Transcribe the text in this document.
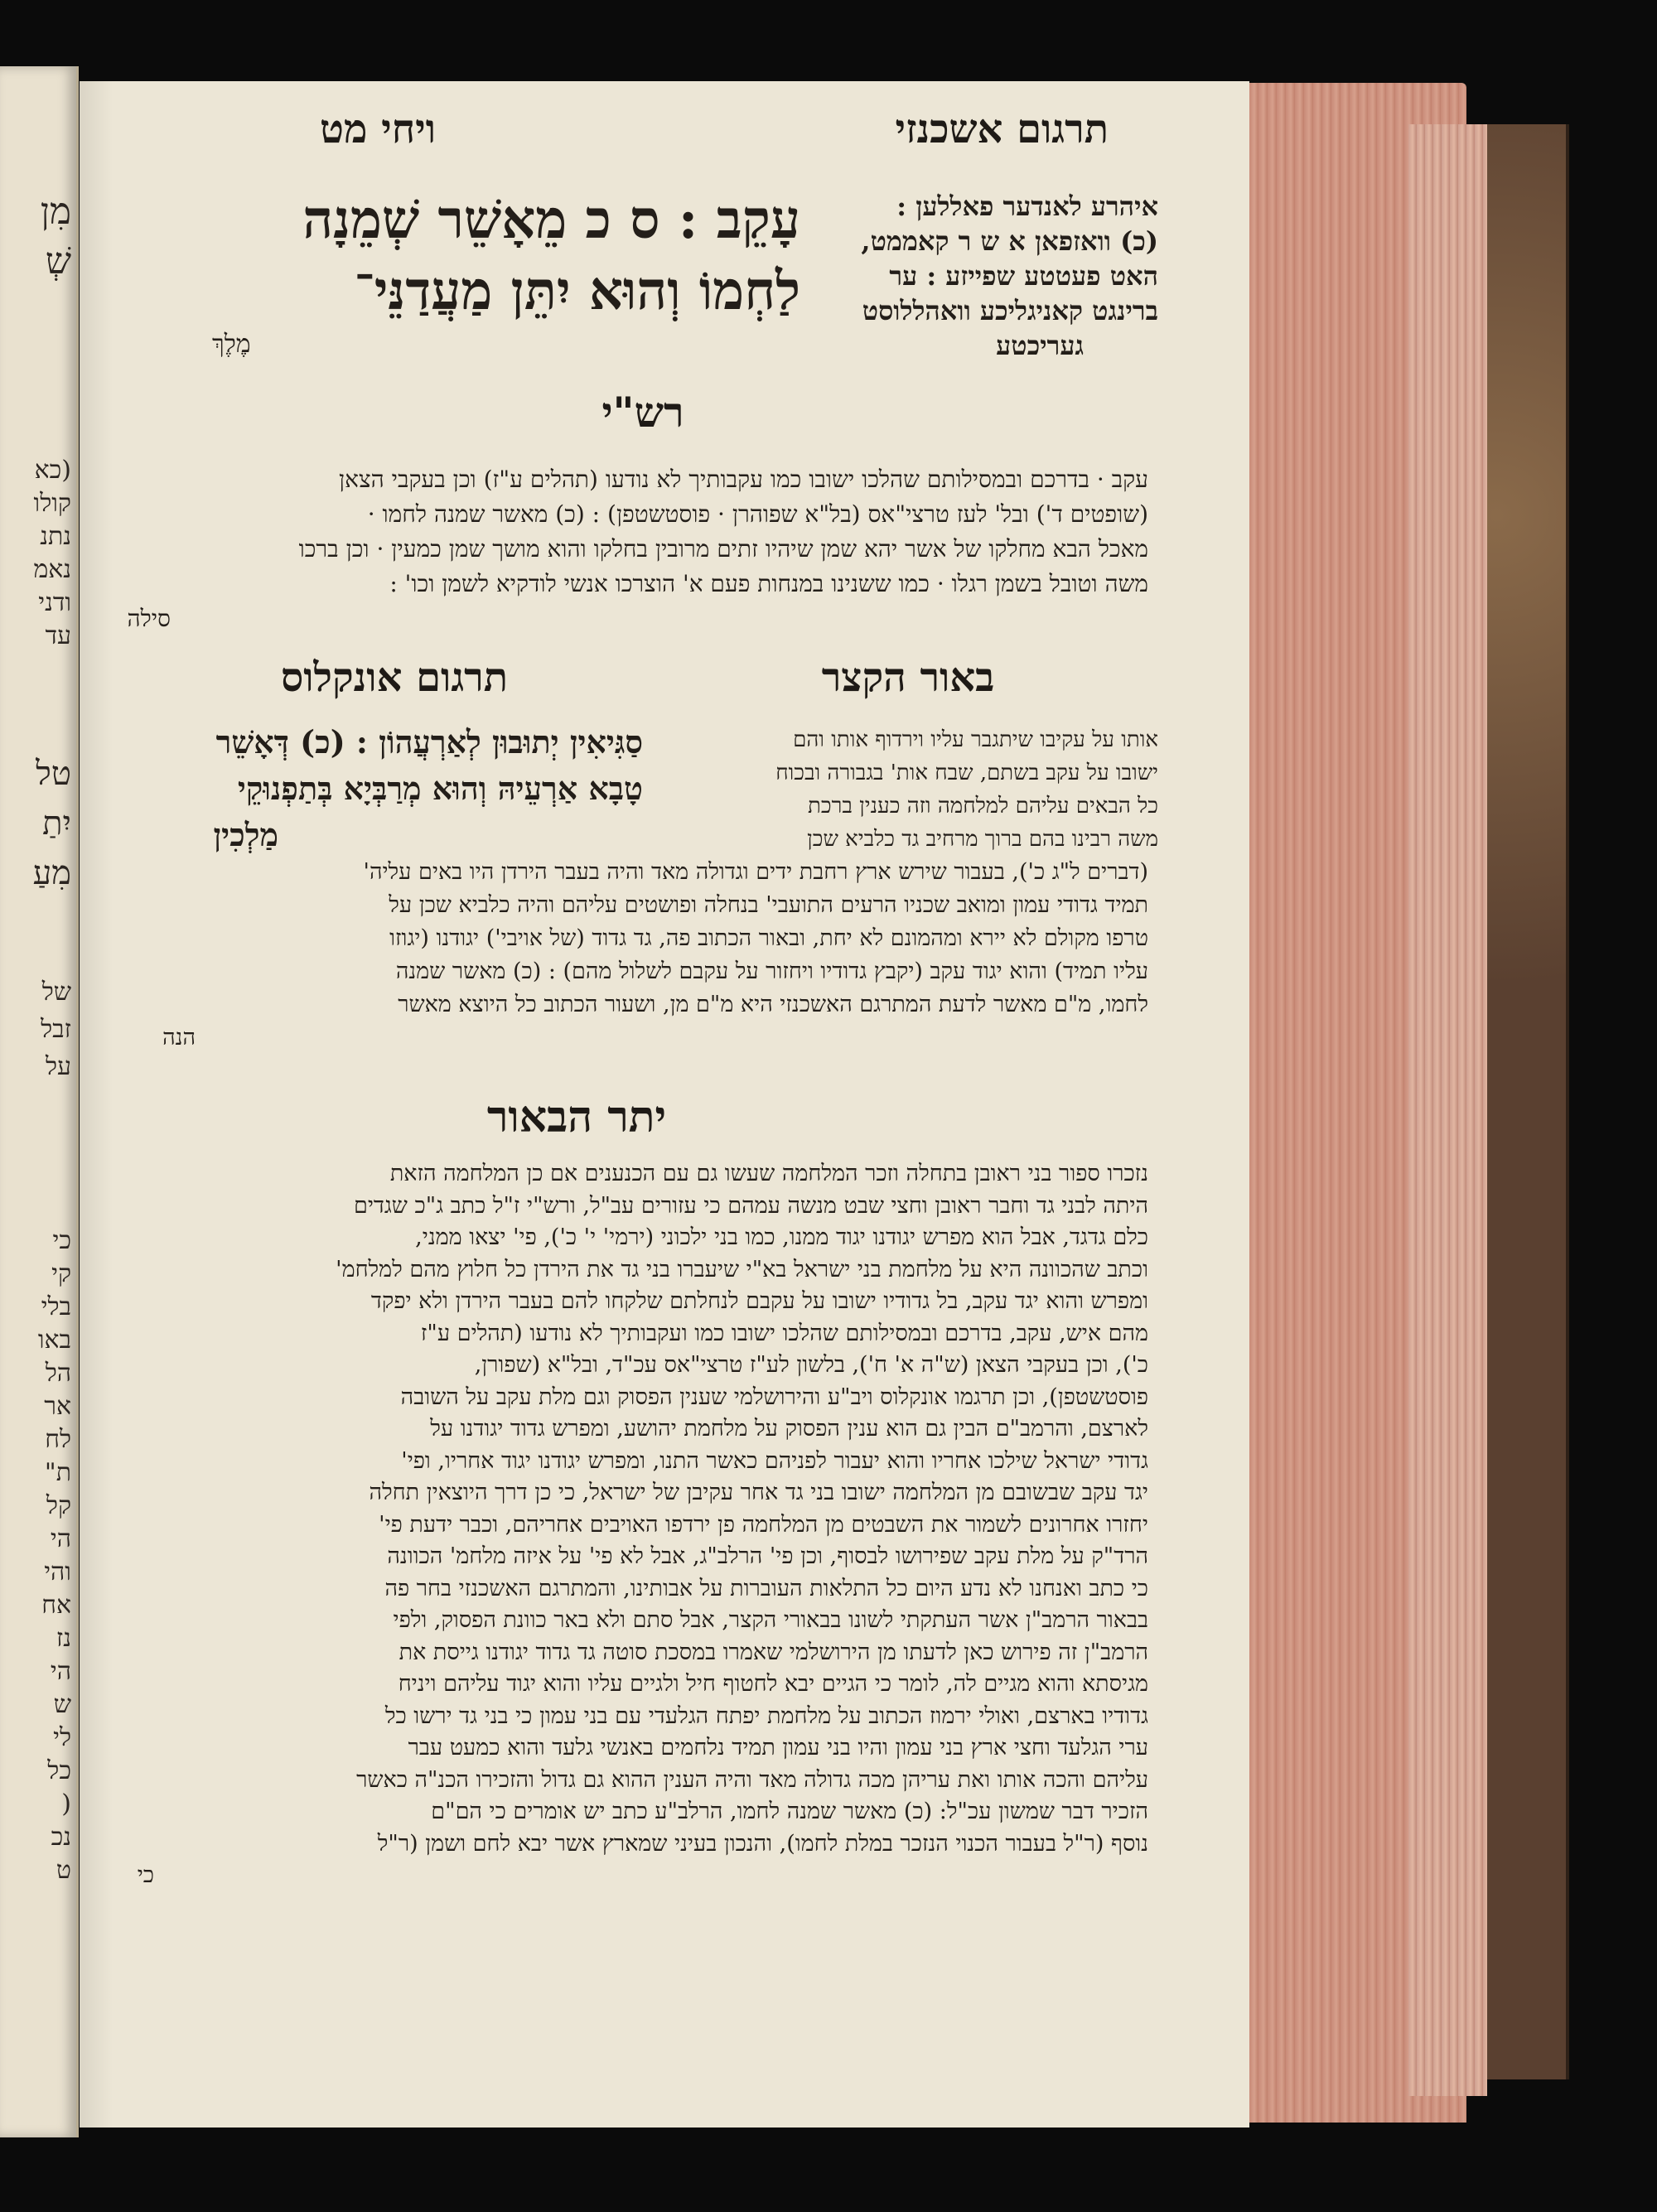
מִן
שְׁ
(כא
קולו
נתנ
נאמ
ודני
עד
טל
יִתַ
מִעַ
של
זבל
על
כי
קי
בלי
באו
הל
אר
לח
ת"
קל
הי
והי
אח
נז
הי
ש
לי
כל
(
נכ
ט
תרגום אשכנזי
ויחי מט
איהרע לאנדער פאללען :
(כ) וואזפאן א ש ר קאממט,
האט פעטטע שפייזע : ער
ברינגט קאניגליכע וואהללוסט
געריכטע
עָקֵב : ס כ מֵאָשֵׁר שְׁמֵנָה
לַחְמוֹ וְהוּא יִתֵּן מַעֲדַנֵּי־
מֶלֶךְ
רש"י
עקב · בדרכם ובמסילותם שהלכו ישובו כמו עקבותיך לא נודעו (תהלים ע"ז) וכן בעקבי הצאן
(שופטים ד') ובל' לעז טרצי"אס (בל"א שפוהרן · פוסטשטפן) : (כ) מאשר שמנה לחמו ·
מאכל הבא מחלקו של אשר יהא שמן שיהיו זתים מרובין בחלקו והוא מושך שמן כמעין · וכן ברכו
משה וטובל בשמן רגלו · כמו ששנינו במנחות פעם א' הוצרכו אנשי לודקיא לשמן וכו' :
סילה
באור הקצר
תרגום אונקלוס
סַגִּיאִין יְתוּבוּן לְאַרְעֲהוֹן : (כ) דְּאָשֵׁר
טָבָא אַרְעֵיהּ וְהוּא מְרַבְּיָא בְּתַפְנוּקֵי
מַלְכִין
אותו על עקיבו שיתגבר עליו וירדוף אותו והם
ישובו על עקב בשתם, שבח אות' בגבורה ובכוח
כל הבאים עליהם למלחמה וזה כענין ברכת
משה רבינו בהם ברוך מרחיב גד כלביא שכן
(דברים ל"ג כ'), בעבור שירש ארץ רחבת ידים וגדולה מאד והיה בעבר הירדן היו באים עליה'
תמיד גדודי עמון ומואב שכניו הרעים התועבי' בנחלה ופושטים עליהם והיה כלביא שכן על
טרפו מקולם לא יירא ומהמונם לא יחת, ובאור הכתוב פה, גד גדוד (של אויבי') יגודנו (יגוזו
עליו תמיד) והוא יגוד עקב (יקבץ גדודיו ויחזור על עקבם לשלול מהם) : (כ) מאשר שמנה
לחמו, מ"ם מאשר לדעת המתרגם האשכנזי היא מ"ם מן, ושעור הכתוב כל היוצא מאשר
הנה
יתר הבאור
נזכרו ספור בני ראובן בתחלה וזכר המלחמה שעשו גם עם הכנענים אם כן המלחמה הזאת
היתה לבני גד וחבר ראובן וחצי שבט מנשה עמהם כי עזורים עב"ל, ורש"י ז"ל כתב ג"כ שגדים
כלם גדגד, אבל הוא מפרש יגודנו יגוד ממנו, כמו בני ילכוני (ירמי' י' כ'), פי' יצאו ממני,
וכתב שהכוונה היא על מלחמת בני ישראל בא"י שיעברו בני גד את הירדן כל חלוץ מהם למלחמ'
ומפרש והוא יגד עקב, בל גדודיו ישובו על עקבם לנחלתם שלקחו להם בעבר הירדן ולא יפקד
מהם איש, עקב, בדרכם ובמסילותם שהלכו ישובו כמו ועקבותיך לא נודעו (תהלים ע"ז
כ'), וכן בעקבי הצאן (ש"ה א' ח'), בלשון לע"ז טרצי"אס עכ"ד, ובל"א (שפורן,
פוסטשטפן), וכן תרגמו אונקלוס ויב"ע והירושלמי שענין הפסוק וגם מלת עקב על השובה
לארצם, והרמב"ם הבין גם הוא ענין הפסוק על מלחמת יהושע, ומפרש גדוד יגודנו על
גדודי ישראל שילכו אחריו והוא יעבור לפניהם כאשר התנו, ומפרש יגודנו יגוד אחריו, ופי'
יגד עקב שבשובם מן המלחמה ישובו בני גד אחר עקיבן של ישראל, כי כן דרך היוצאין תחלה
יחזרו אחרונים לשמור את השבטים מן המלחמה פן ירדפו האויבים אחריהם, וכבר ידעת פי'
הרד"ק על מלת עקב שפירושו לבסוף, וכן פי' הרלב"ג, אבל לא פי' על איזה מלחמ' הכוונה
כי כתב ואנחנו לא נדע היום כל התלאות העוברות על אבותינו, והמתרגם האשכנזי בחר פה
בבאור הרמב"ן אשר העתקתי לשונו בבאורי הקצר, אבל סתם ולא באר כוונת הפסוק, ולפי
הרמב"ן זה פירוש כאן לדעתו מן הירושלמי שאמרו במסכת סוטה גד גדוד יגודנו גייסת את
מגיסתא והוא מגיים לה, לומר כי הגיים יבא לחטוף חיל ולגיים עליו והוא יגוד עליהם ויניח
גדודיו בארצם, ואולי ירמוז הכתוב על מלחמת יפתח הגלעדי עם בני עמון כי בני גד ירשו כל
ערי הגלעד וחצי ארץ בני עמון והיו בני עמון תמיד נלחמים באנשי גלעד והוא כמעט עבר
עליהם והכה אותו ואת עריהן מכה גדולה מאד והיה הענין ההוא גם גדול והזכירו הכנ"ה כאשר
הזכיר דבר שמשון עכ"ל: (כ) מאשר שמנה לחמו, הרלב"ע כתב יש אומרים כי הם"ם
נוסף (ר"ל בעבור הכנוי הנזכר במלת לחמו), והנכון בעיני שמארץ אשר יבא לחם ושמן (ר"ל
כי
